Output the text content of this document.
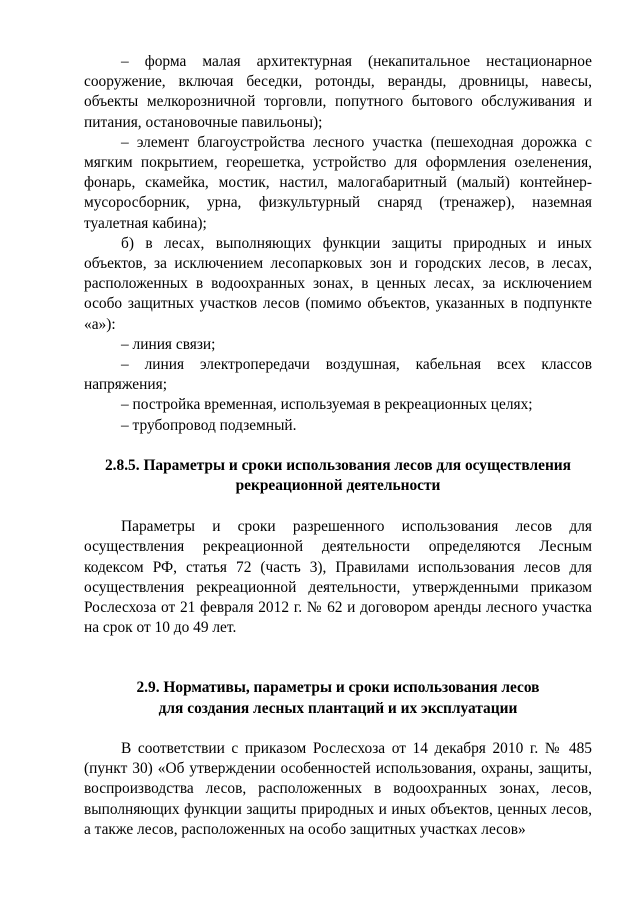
– форма малая архитектурная (некапитальное нестационарное сооружение, включая беседки, ротонды, веранды, дровницы, навесы, объекты мелкорозничной торговли, попутного бытового обслуживания и питания, остановочные павильоны);

– элемент благоустройства лесного участка (пешеходная дорожка с мягким покрытием, георешетка, устройство для оформления озеленения, фонарь, скамейка, мостик, настил, малогабаритный (малый) контейнер-мусоросборник, урна, физкультурный снаряд (тренажер), наземная туалетная кабина);

б) в лесах, выполняющих функции защиты природных и иных объектов, за исключением лесопарковых зон и городских лесов, в лесах, расположенных в водоохранных зонах, в ценных лесах, за исключением особо защитных участков лесов (помимо объектов, указанных в подпункте «а»):

– линия связи;

– линия электропередачи воздушная, кабельная всех классов напряжения;

– постройка временная, используемая в рекреационных целях;

– трубопровод подземный.

2.8.5. Параметры и сроки использования лесов для осуществления

рекреационной деятельности

Параметры и сроки разрешенного использования лесов для осуществления рекреационной деятельности определяются Лесным кодексом РФ, статья 72 (часть 3), Правилами использования лесов для осуществления рекреационной деятельности, утвержденными приказом Рослесхоза от 21 февраля 2012 г. № 62 и договором аренды лесного участка на срок от 10 до 49 лет.

2.9. Нормативы, параметры и сроки использования лесов

для создания лесных плантаций и их эксплуатации

В соответствии с приказом Рослесхоза от 14 декабря 2010 г. № 485 (пункт 30) «Об утверждении особенностей использования, охраны, защиты, воспроизводства лесов, расположенных в водоохранных зонах, лесов, выполняющих функции защиты природных и иных объектов, ценных лесов, а также лесов, расположенных на особо защитных участках лесов»
